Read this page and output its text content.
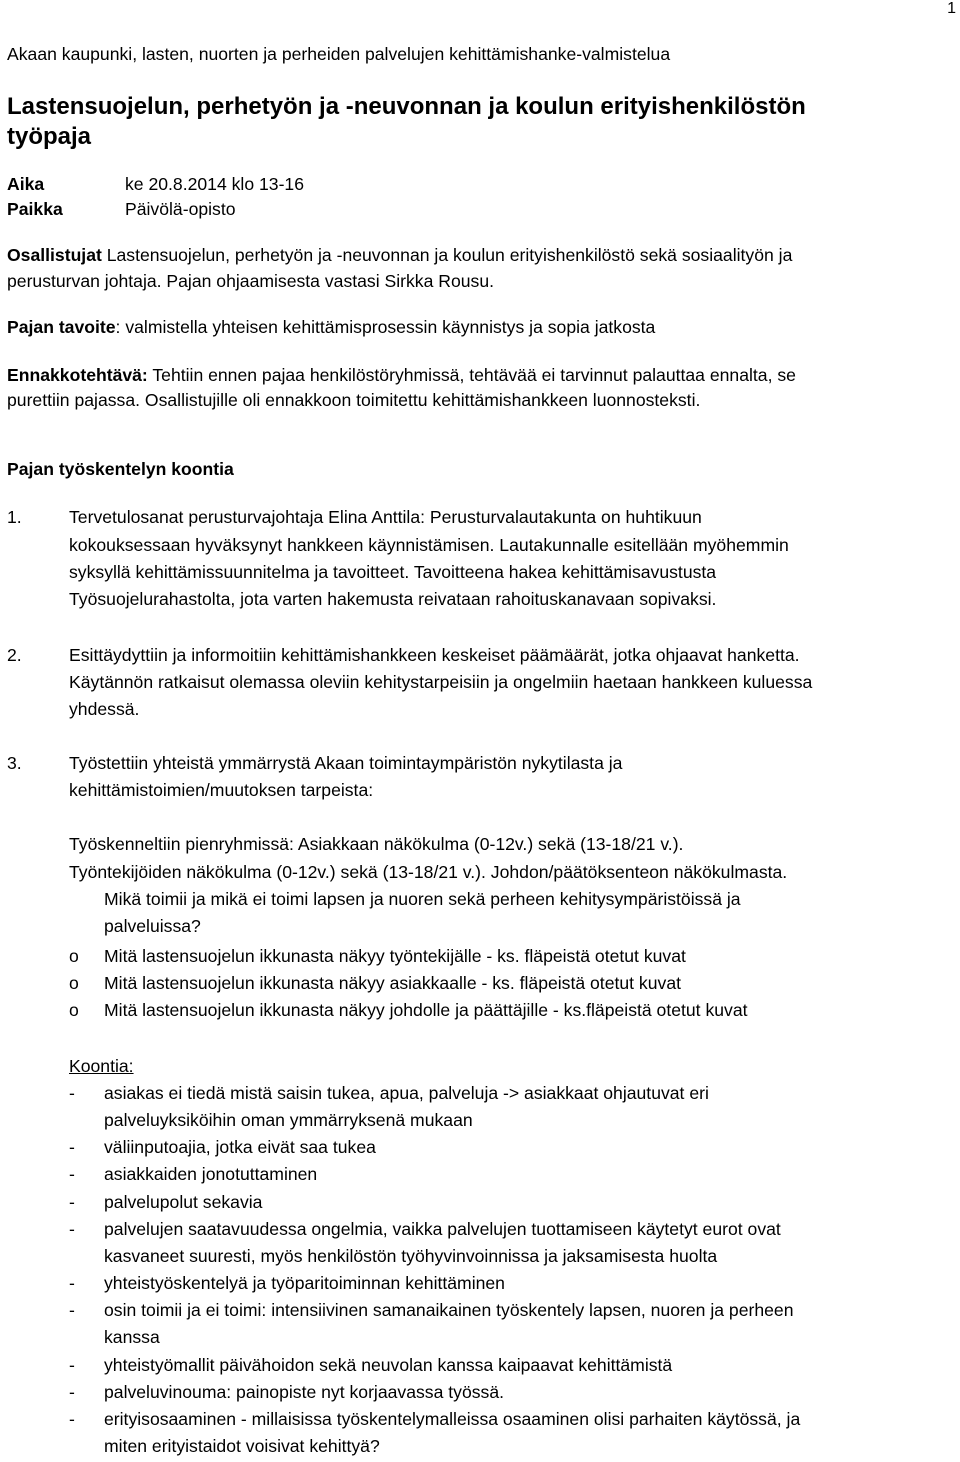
1
Akaan kaupunki, lasten, nuorten ja perheiden palvelujen kehittämishanke-valmistelua
Lastensuojelun, perhetyön ja -neuvonnan ja koulun erityishenkilöstön
työpaja
Aika	ke 20.8.2014 klo 13-16
Paikka	Päivölä-opisto
Osallistujat Lastensuojelun, perhetyön ja -neuvonnan ja koulun erityishenkilöstö sekä sosiaalityön ja
perusturvan johtaja. Pajan ohjaamisesta vastasi Sirkka Rousu.
Pajan tavoite: valmistella yhteisen kehittämisprosessin käynnistys ja sopia jatkosta
Ennakkotehtävä: Tehtiin ennen pajaa henkilöstöryhmissä, tehtävää ei tarvinnut palauttaa ennalta, se
purettiin pajassa. Osallistujille oli ennakkoon toimitettu kehittämishankkeen luonnosteksti.
Pajan työskentelyn koontia
1.	Tervetulosanat perusturvajohtaja Elina Anttila: Perusturvalautakunta on huhtikuun
kokouksessaan hyväksynyt hankkeen käynnistämisen. Lautakunnalle esitellään myöhemmin
syksyllä kehittämissuunnitelma ja tavoitteet. Tavoitteena hakea kehittämisavustusta
Työsuojelurahastolta, jota varten hakemusta reivataan rahoituskanavaan sopivaksi.
2.	Esittäydyttiin ja informoitiin kehittämishankkeen keskeiset päämäärät, jotka ohjaavat hanketta.
Käytännön ratkaisut olemassa oleviin kehitystarpeisiin ja ongelmiin haetaan hankkeen kuluessa
yhdessä.
3.	Työstettiin yhteistä ymmärrystä Akaan toimintaympäristön nykytilasta ja
kehittämistoimien/muutoksen tarpeista:
Työskenneltiin pienryhmissä: Asiakkaan näkökulma (0-12v.) sekä (13-18/21 v.).
Työntekijöiden näkökulma (0-12v.) sekä (13-18/21 v.). Johdon/päätöksenteon näkökulmasta.
Mikä toimii ja mikä ei toimi lapsen ja nuoren sekä perheen kehitysympäristöissä ja
palveluissa?
o Mitä lastensuojelun ikkunasta näkyy työntekijälle - ks. fläpeistä otetut kuvat
o Mitä lastensuojelun ikkunasta näkyy asiakkaalle - ks. fläpeistä otetut kuvat
o Mitä lastensuojelun ikkunasta näkyy johdolle ja päättäjille - ks.fläpeistä otetut kuvat
Koontia:
- asiakas ei tiedä mistä saisin tukea, apua, palveluja -> asiakkaat ohjautuvat eri
palveluyksiköihin oman ymmärryksenä mukaan
- väliinputoajia, jotka eivät saa tukea
- asiakkaiden jonotuttaminen
- palvelupolut sekavia
- palvelujen saatavuudessa ongelmia, vaikka palvelujen tuottamiseen käytetyt eurot ovat
kasvaneet suuresti, myös henkilöstön työhyvinvoinnissa ja jaksamisesta huolta
- yhteistyöskentelyä ja työparitoiminnan kehittäminen
- osin toimii ja ei toimi: intensiivinen samanaikainen työskentely lapsen, nuoren ja perheen
kanssa
- yhteistyömallit päivähoidon sekä neuvolan kanssa kaipaavat kehittämistä
- palveluvinouma: painopiste nyt korjaavassa työssä.
- erityisosaaminen - millaisissa työskentelymalleissa osaaminen olisi parhaiten käytössä, ja
miten erityistaidot voisivat kehittyä?
